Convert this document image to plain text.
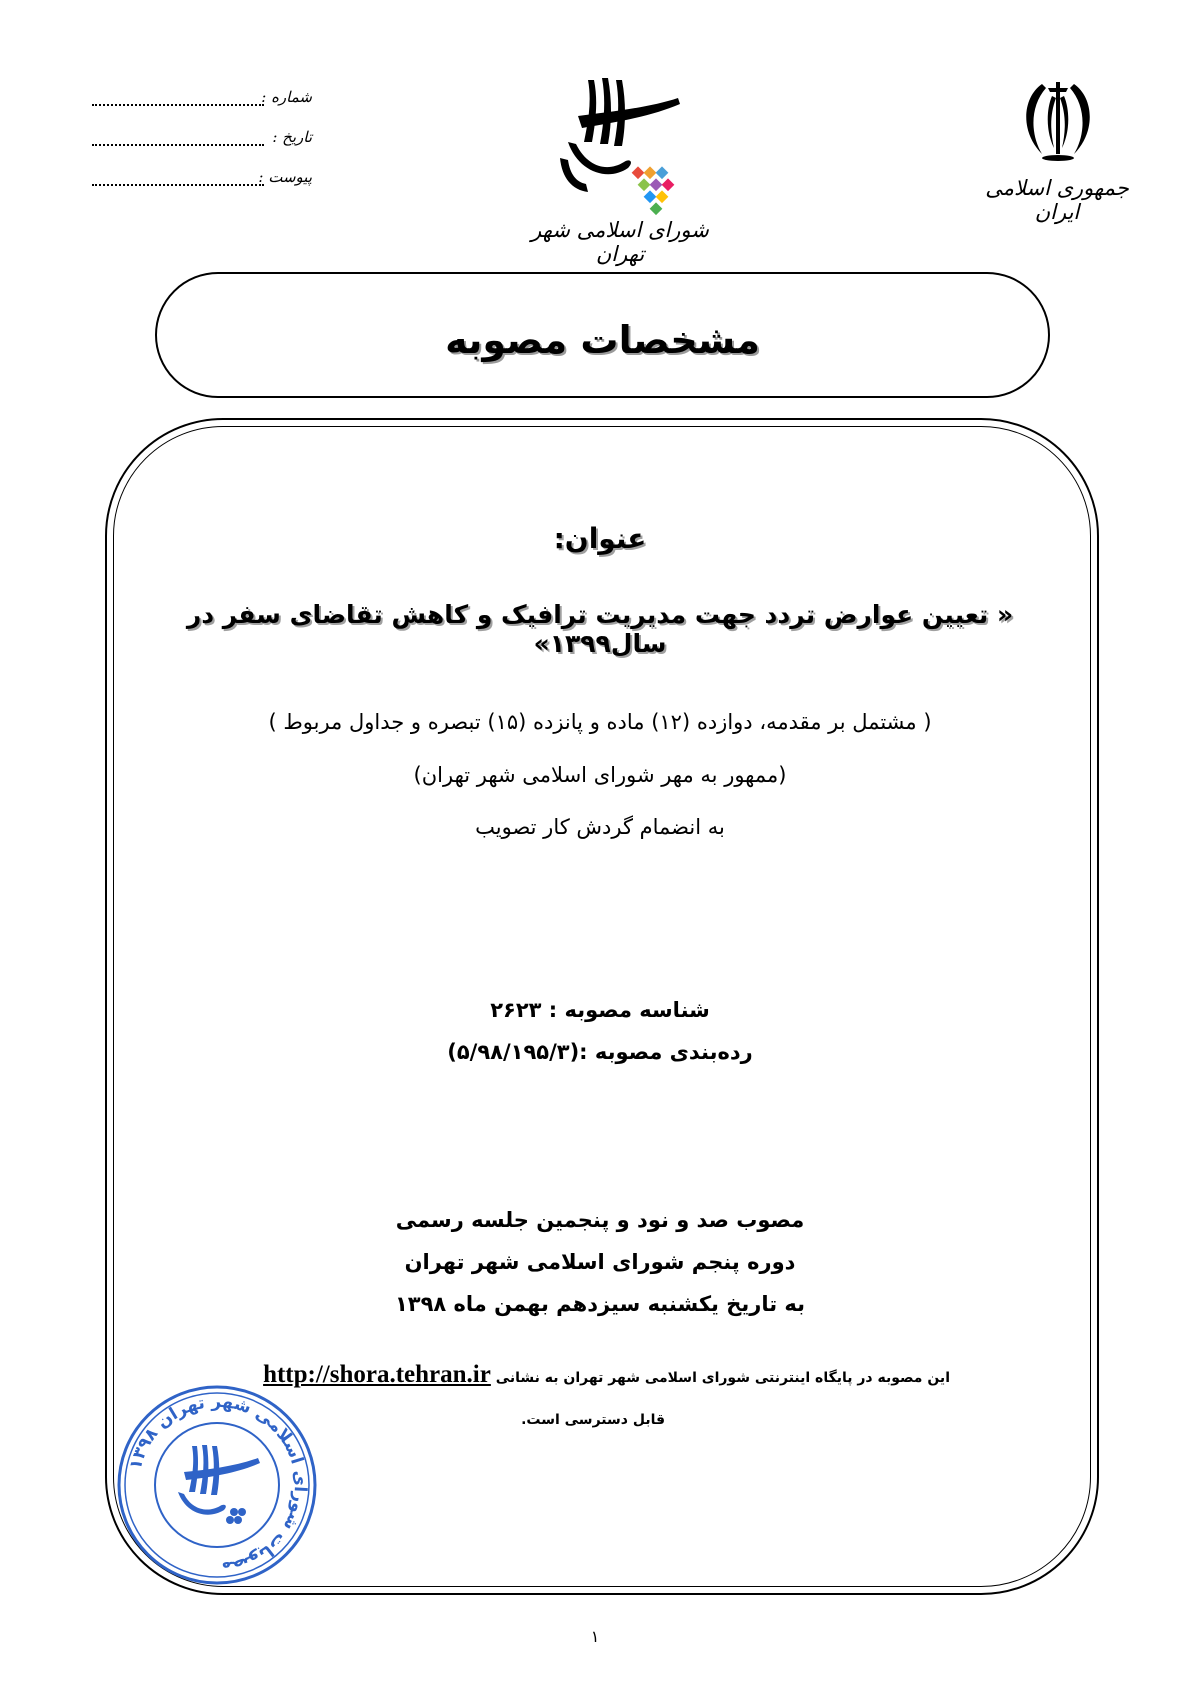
شماره :
تاریخ :
پیوست :
شورای اسلامی شهر تهران
جمهوری اسلامی ایران
مشخصات مصوبه
عنوان:
« تعیین عوارض تردد جهت مدیریت ترافیک و کاهش تقاضای سفر در سال۱۳۹۹»
( مشتمل بر مقدمه، دوازده (۱۲) ماده و پانزده (۱۵) تبصره و جداول مربوط )
(ممهور به مهر شورای اسلامی شهر تهران)
به انضمام گردش کار تصویب
شناسه مصوبه : ۲۶۲۳
رده‌بندی مصوبه :(۵/۹۸/۱۹۵/۳)
مصوب صد و نود و پنجمین جلسه رسمی
دوره پنجم شورای اسلامی شهر تهران
به تاریخ یکشنبه سیزدهم بهمن ماه ۱۳۹۸
این مصوبه در پایگاه اینترنتی شورای اسلامی شهر تهران به نشانی http://shora.tehran.ir
قابل دسترسی است.
مصوبات شورای اسلامی شهر تهران ۱۳۹۸
۱
